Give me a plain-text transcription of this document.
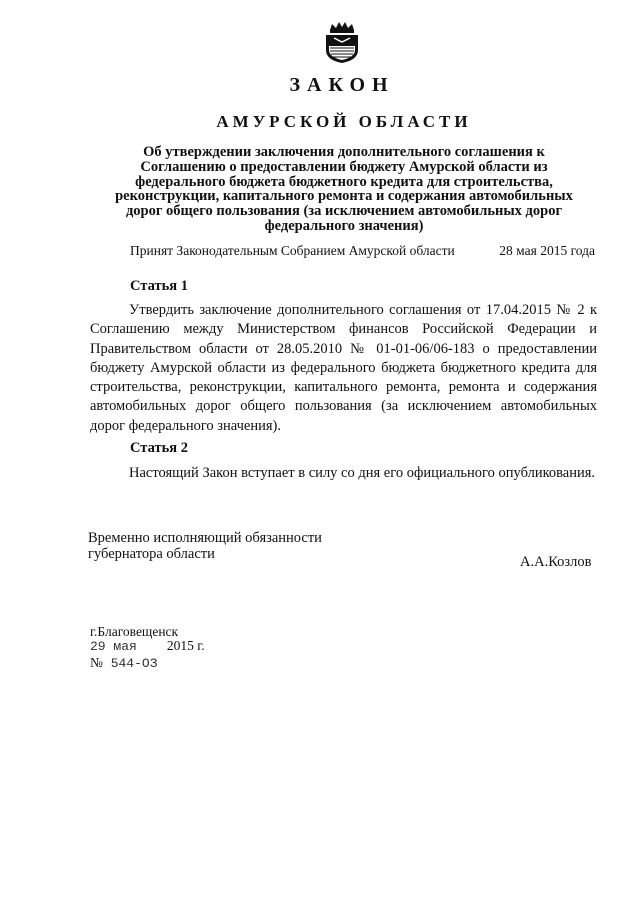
ЗАКОН
АМУРСКОЙ ОБЛАСТИ
Об утверждении заключения дополнительного соглашения к
Соглашению о предоставлении бюджету Амурской области из
федерального бюджета бюджетного кредита для строительства,
реконструкции, капитального ремонта и содержания автомобильных
дорог общего пользования (за исключением автомобильных дорог
федерального значения)
Принят Законодательным Собранием Амурской области	28 мая 2015 года
Статья 1

Утвердить заключение дополнительного соглашения от 17.04.2015 № 2 к Соглашению между Министерством финансов Российской Федерации и Правительством области от 28.05.2010 № 01-01-06/06-183 о предоставлении бюджету Амурской области из федерального бюджета бюджетного кредита для строительства, реконструкции, капитального ремонта, ремонта и содержания автомобильных дорог общего пользования (за исключением автомобильных дорог федерального значения).

Статья 2

Настоящий Закон вступает в силу со дня его официального опубликования.

Временно исполняющий обязанности
губернатора области	А.А.Козлов
г.Благовещенск
29 мая 2015 г.
№ 544-ОЗ
